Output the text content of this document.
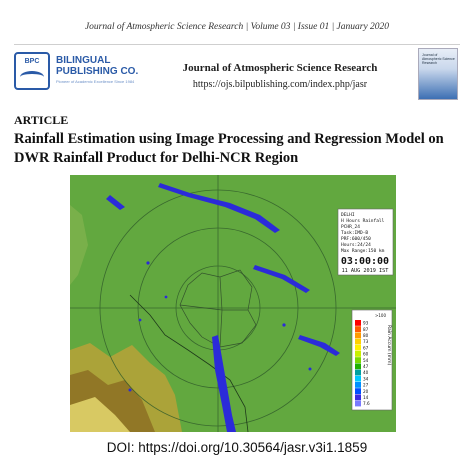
Journal of Atmospheric Science Research | Volume 03 | Issue 01 | January 2020
BPC	BILINGUAL PUBLISHING CO.
Pioneer of Academic Excellence Since 1984
Journal of Atmospheric Science Research
https://ojs.bilpublishing.com/index.php/jasr
Journal of Atmospheric Science Research
ARTICLE
Rainfall Estimation using Image Processing and Regression Model on
DWR Rainfall Product for Delhi-NCR Region
DELHI
H Hours Rainfall
PCHR_24
Task:IMD-B
PRF:600/450
Hours:24/24
Max Range:150 km
03:00:00
11 AUG 2019 IST
>100
93
87
80
73
67
60
54
47
40
34
27
20
14
7.6
Rain Accum (mm)
DOI: https://doi.org/10.30564/jasr.v3i1.1859
